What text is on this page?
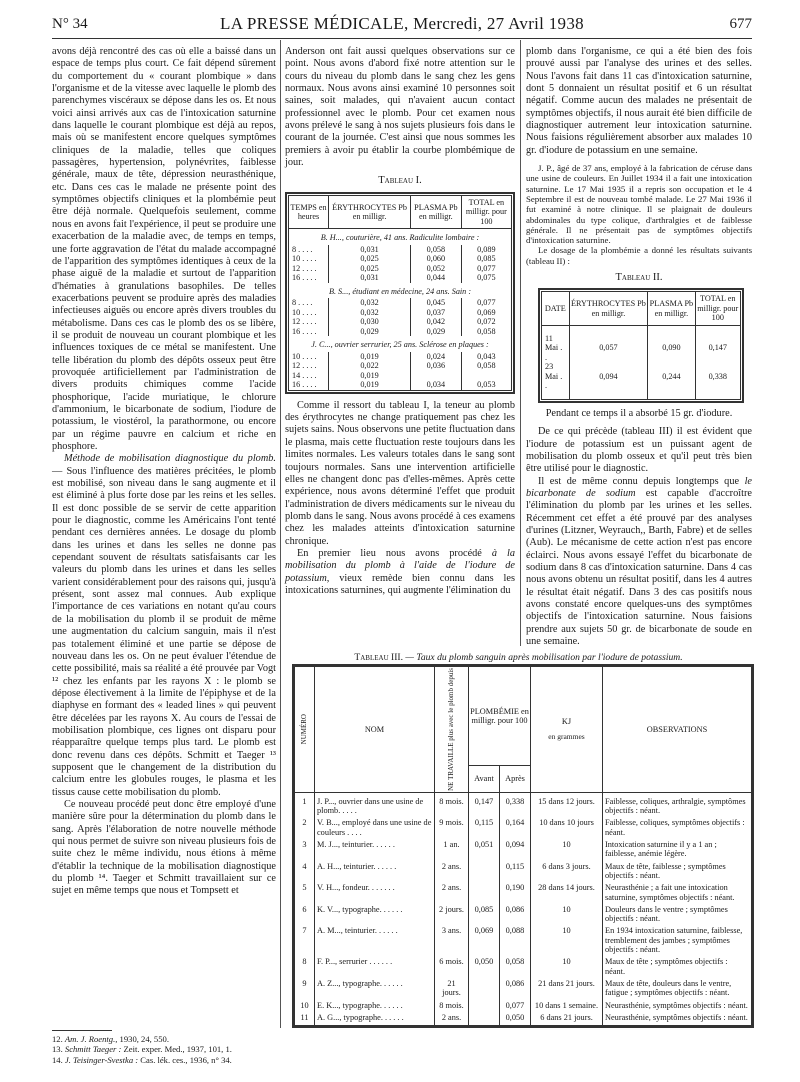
N° 34	LA PRESSE MÉDICALE, Mercredi, 27 Avril 1938	677

avons déjà rencontré des cas où elle a baissé dans un espace de temps plus court. Ce fait dépend sûrement du comportement du « courant plombique » dans l'organisme et de la vitesse avec laquelle le plomb des parenchymes viscéraux se dépose dans les os. Et nous voici ainsi arrivés aux cas de l'intoxication saturnine dans laquelle le courant plombique est déjà au repos, mais où se manifestent encore quelques symptômes cliniques de la maladie, telles que coliques passagères, hypertension, polynévrites, faiblesse générale, maux de tête, dépression neurasthénique, etc. Dans ces cas le malade ne présente point des symptômes objectifs cliniques et la plombémie peut être déjà normale. Quelquefois seulement, comme nous en avons fait l'expérience, il peut se produire une exacerbation de la maladie avec, de temps en temps, une forte aggravation de l'état du malade accompagné de l'apparition des symptômes identiques à ceux de la phase aiguë de la maladie et surtout de l'apparition d'hématies à granulations basophiles. De telles exacerbations peuvent se produire après des maladies infectieuses aiguës ou encore après divers troubles du métabolisme. Dans ces cas le plomb des os se libère, il se produit de nouveau un courant plombique et les influences toxiques de ce métal se manifestent. Une telle libération du plomb des dépôts osseux peut être provoquée artificiellement par l'administration de divers produits chimiques comme l'acide phosphorique, l'acide muriatique, le chlorure d'ammonium, le bicarbonate de sodium, l'iodure de potassium, le viostérol, la parathormone, ou encore par un régime pauvre en calcium et riche en phosphore.

Méthode de mobilisation diagnostique du plomb. — Sous l'influence des matières précitées, le plomb est mobilisé, son niveau dans le sang augmente et il est éliminé à plus forte dose par les reins et les selles. Il est donc possible de se servir de cette apparition pour le diagnostic, comme les Américains l'ont tenté pendant ces dernières années. Le dosage du plomb dans les urines et dans les selles ne donne pas cependant souvent de résultats satisfaisants car les valeurs du plomb dans les urines et dans les selles varient considérablement pour des raisons qui, jusqu'à présent, sont assez mal connues. Aub explique l'importance de ces variations en notant qu'au cours de la mobilisation du plomb il se produit de même une augmentation du calcium sanguin, mais il n'est pas totalement éliminé et une partie se dépose de nouveau dans les os. On ne peut évaluer l'étendue de cette possibilité, mais sa réalité a été prouvée par Vogt ¹² chez les enfants par les rayons X : le plomb se dépose électivement à la limite de l'épiphyse et de la diaphyse en formant des « leaded lines » qui peuvent être décelées par les rayons X. Au cours de l'essai de mobilisation plombique, ces lignes ont disparu pour réapparaître quelque temps plus tard. Le plomb est donc revenu dans ces dépôts. Schmitt et Taeger ¹³ supposent que le changement de la distribution du calcium entre les globules rouges, le plasma et les tissus cause cette mobilisation du plomb.

Ce nouveau procédé peut donc être employé d'une manière sûre pour la détermination du plomb dans le sang. Après l'élaboration de notre nouvelle méthode qui nous permet de suivre son niveau plusieurs fois de suite chez le même individu, nous étions à même d'établir la technique de la mobilisation diagnostique du plomb ¹⁴. Taeger et Schmitt travaillaient sur ce sujet en même temps que nous et Tompsett et

Anderson ont fait aussi quelques observations sur ce point. Nous avons d'abord fixé notre attention sur le cours du niveau du plomb dans le sang chez les gens normaux. Nous avons ainsi examiné 10 personnes soit saines, soit malades, qui n'avaient aucun contact professionnel avec le plomb. Pour cet examen nous avons prélevé le sang à nos sujets plusieurs fois dans le courant de la journée. C'est ainsi que nous sommes les premiers à avoir pu établir la courbe plombémique de jour.

Tableau I.
TEMPS en heures	ÉRYTHROCYTES Pb en milligr.	PLASMA Pb en milligr.	TOTAL en milligr. pour 100
B. H..., couturière, 41 ans. Radiculite lombaire :			
8 . . . .	0,031	0,058	0,089
10 . . . .	0,025	0,060	0,085
12 . . . .	0,025	0,052	0,077
16 . . . .	0,031	0,044	0,075
B. S..., étudiant en médecine, 24 ans. Sain :			
8 . . . .	0,032	0,045	0,077
10 . . . .	0,032	0,037	0,069
12 . . . .	0,030	0,042	0,072
16 . . . .	0,029	0,029	0,058
J. C..., ouvrier serrurier, 25 ans. Sclérose en plaques :			
10 . . . .	0,019	0,024	0,043
12 . . . .	0,022	0,036	0,058
14 . . . .	0,019		
16 . . . .	0,019	0,034	0,053

Comme il ressort du tableau I, la teneur au plomb des érythrocytes ne change pratiquement pas chez les sujets sains. Nous observons une petite fluctuation dans le plasma, mais cette fluctuation reste toujours dans les limites normales. Les valeurs totales dans le sang sont toujours normales. Sans une intervention artificielle elles ne changent donc pas d'elles-mêmes. Après cette expérience, nous avons déterminé l'effet que produit l'administration de divers médicaments sur le niveau du plomb dans le sang. Nous avons procédé à ces examens chez les malades atteints d'intoxication saturnine chronique.

En premier lieu nous avons procédé à la mobilisation du plomb à l'aide de l'iodure de potassium, vieux remède bien connu dans les intoxications saturnines, qui augmente l'élimination du

plomb dans l'organisme, ce qui a été bien des fois prouvé aussi par l'analyse des urines et des selles. Nous l'avons fait dans 11 cas d'intoxication saturnine, dont 5 donnaient un résultat positif et 6 un résultat négatif. Comme aucun des malades ne présentait de symptômes objectifs, il nous aurait été bien difficile de diagnostiquer autrement leur intoxication saturnine. Nous faisions régulièrement absorber aux malades 10 gr. d'iodure de potassium en une semaine.

J. P., âgé de 37 ans, employé à la fabrication de céruse dans une usine de couleurs. En Juillet 1934 il a fait une intoxication saturnine. Le 17 Mai 1935 il a repris son occupation et le 4 Septembre il est de nouveau tombé malade. Le 27 Mai 1936 il fut examiné à notre clinique. Il se plaignait de douleurs abdominales du type colique, d'arthralgies et de faiblesse générale. Il ne présentait pas de symptômes objectifs d'intoxication saturnine.

Le dosage de la plombémie a donné les résultats suivants (tableau II) :

Tableau II.
DATE	ÉRYTHROCYTES Pb en milligr.	PLASMA Pb en milligr.	TOTAL en milligr. pour 100
11 Mai . .	0,057	0,090	0,147
23 Mai . .	0,094	0,244	0,338

Pendant ce temps il a absorbé 15 gr. d'iodure.

De ce qui précède (tableau III) il est évident que l'iodure de potassium est un puissant agent de mobilisation du plomb osseux et qu'il peut très bien être utilisé pour le diagnostic.

Il est de même connu depuis longtemps que le bicarbonate de sodium est capable d'accroître l'élimination du plomb par les urines et les selles. Récemment cet effet a été prouvé par des analyses d'urines (Litzner, Weyrauch,, Barth, Fabre) et de selles (Aub). Le mécanisme de cette action n'est pas encore éclairci. Nous avons essayé l'effet du bicarbonate de sodium dans 8 cas d'intoxication saturnine. Dans 4 cas nous avons obtenu un résultat positif, dans les 4 autres le résultat était négatif. Dans 3 des cas positifs nous avons constaté encore quelques-uns des symptômes objectifs de l'intoxication saturnine. Nous faisions prendre aux sujets 50 gr. de bicarbonate de soude en une semaine.

Tableau III. — Taux du plomb sanguin après mobilisation par l'iodure de potassium.
NUMÉRO	NOM	NE TRAVAILLE plus avec le plomb depuis	PLOMBÉMIE en milligr. pour 100		KJ
en grammes	OBSERVATIONS
			Avant	Après		
1	J. P..., ouvrier dans une usine de plomb. . . . .	8 mois.	0,147	0,338	15 dans 12 jours.	Faiblesse, coliques, arthralgie, symptômes objectifs : néant.
2	V. B..., employé dans une usine de couleurs . . . .	9 mois.	0,115	0,164	10 dans 10 jours	Faiblesse, coliques, symptômes objectifs : néant.
3	M. J..., teinturier. . . . . .	1 an.	0,051	0,094	10	Intoxication saturnine il y a 1 an ; faiblesse, anémie légère.
4	A. H..., teinturier. . . . . .	2 ans.		0,115	6 dans 3 jours.	Maux de tête, faiblesse ; symptômes objectifs : néant.
5	V. H..., fondeur. . . . . . .	2 ans.		0,190	28 dans 14 jours.	Neurasthénie ; a fait une intoxication saturnine, symptômes objectifs : néant.
6	K. V..., typographe. . . . . .	2 jours.	0,085	0,086	10	Douleurs dans le ventre ; symptômes objectifs : néant.
7	A. M..., teinturier. . . . . .	3 ans.	0,069	0,088	10	En 1934 intoxication saturnine, faiblesse, tremblement des jambes ; symptômes objectifs : néant.
8	F. P..., serrurier . . . . . .	6 mois.	0,050	0,058	10	Maux de tête ; symptômes objectifs : néant.
9	A. Z..., typographe. . . . . .	21 jours.		0,086	21 dans 21 jours.	Maux de tête, douleurs dans le ventre, fatigue ; symptômes objectifs : néant.
10	E. K..., typographe. . . . . .	8 mois.		0,077	10 dans 1 semaine.	Neurasthénie, symptômes objectifs : néant.
11	A. G..., typographe. . . . . .	2 ans.		0,050	6 dans 21 jours.	Neurasthénie, symptômes objectifs : néant.
12. Am. J. Roentg., 1930, 24, 550.
13. Schmitt Taeger : Zeit. exper. Med., 1937, 101, 1.
14. J. Teisinger-Svestka : Cas. lék. ces., 1936, n° 34.
